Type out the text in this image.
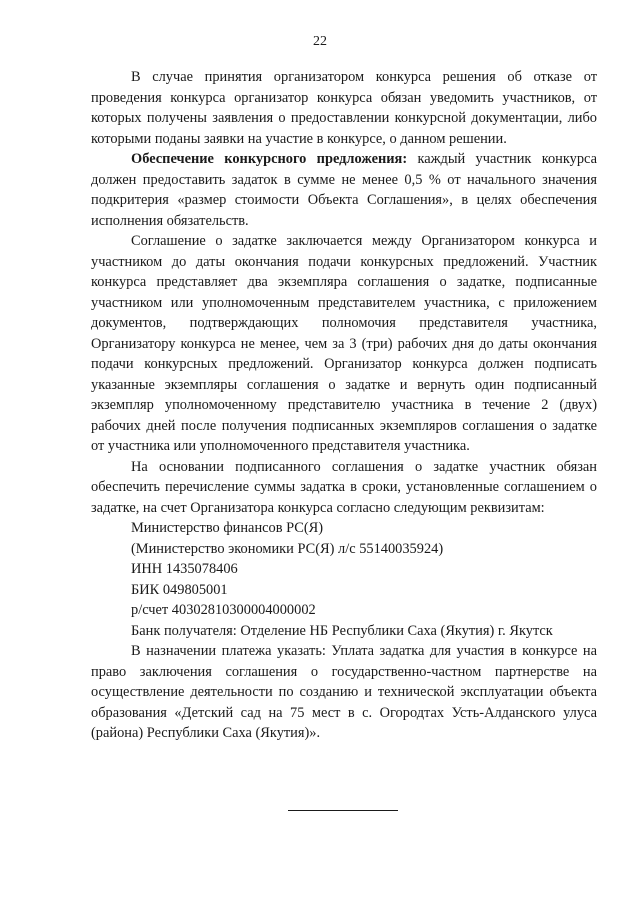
22

В случае принятия организатором конкурса решения об отказе от проведения конкурса организатор конкурса обязан уведомить участников, от которых получены заявления о предоставлении конкурсной документации, либо которыми поданы заявки на участие в конкурсе, о данном решении.

Обеспечение конкурсного предложения: каждый участник конкурса должен предоставить задаток в сумме не менее 0,5 % от начального значения подкритерия «размер стоимости Объекта Соглашения», в целях обеспечения исполнения обязательств.

Соглашение о задатке заключается между Организатором конкурса и участником до даты окончания подачи конкурсных предложений. Участник конкурса представляет два экземпляра соглашения о задатке, подписанные участником или уполномоченным представителем участника, с приложением документов, подтверждающих полномочия представителя участника, Организатору конкурса не менее, чем за 3 (три) рабочих дня до даты окончания подачи конкурсных предложений. Организатор конкурса должен подписать указанные экземпляры соглашения о задатке и вернуть один подписанный экземпляр уполномоченному представителю участника в течение 2 (двух) рабочих дней после получения подписанных экземпляров соглашения о задатке от участника или уполномоченного представителя участника.

На основании подписанного соглашения о задатке участник обязан обеспечить перечисление суммы задатка в сроки, установленные соглашением о задатке, на счет Организатора конкурса согласно следующим реквизитам:

Министерство финансов РС(Я)

(Министерство экономики РС(Я) л/с 55140035924)

ИНН 1435078406

БИК 049805001

р/счет 40302810300004000002

Банк получателя: Отделение НБ Республики Саха (Якутия) г. Якутск

В назначении платежа указать: Уплата задатка для участия в конкурсе на право заключения соглашения о государственно-частном партнерстве на осуществление деятельности по созданию и технической эксплуатации объекта образования «Детский сад на 75 мест в с. Огородтах Усть-Алданского улуса (района) Республики Саха (Якутия)».
